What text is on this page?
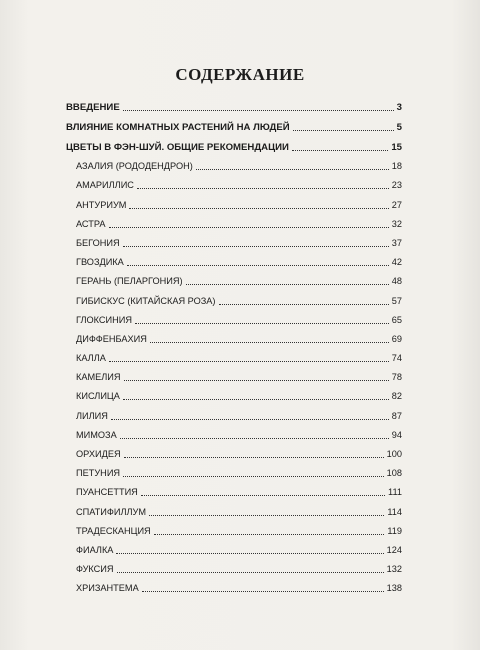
СОДЕРЖАНИЕ
ВВЕДЕНИЕ	3
ВЛИЯНИЕ КОМНАТНЫХ РАСТЕНИЙ НА ЛЮДЕЙ	5
ЦВЕТЫ В ФЭН-ШУЙ. ОБЩИЕ РЕКОМЕНДАЦИИ	15
АЗАЛИЯ (РОДОДЕНДРОН)	18
АМАРИЛЛИС	23
АНТУРИУМ	27
АСТРА	32
БЕГОНИЯ	37
ГВОЗДИКА	42
ГЕРАНЬ (ПЕЛАРГОНИЯ)	48
ГИБИСКУС (КИТАЙСКАЯ РОЗА)	57
ГЛОКСИНИЯ	65
ДИФФЕНБАХИЯ	69
КАЛЛА	74
КАМЕЛИЯ	78
КИСЛИЦА	82
ЛИЛИЯ	87
МИМОЗА	94
ОРХИДЕЯ	100
ПЕТУНИЯ	108
ПУАНСЕТТИЯ	111
СПАТИФИЛЛУМ	114
ТРАДЕСКАНЦИЯ	119
ФИАЛКА	124
ФУКСИЯ	132
ХРИЗАНТЕМА	138
